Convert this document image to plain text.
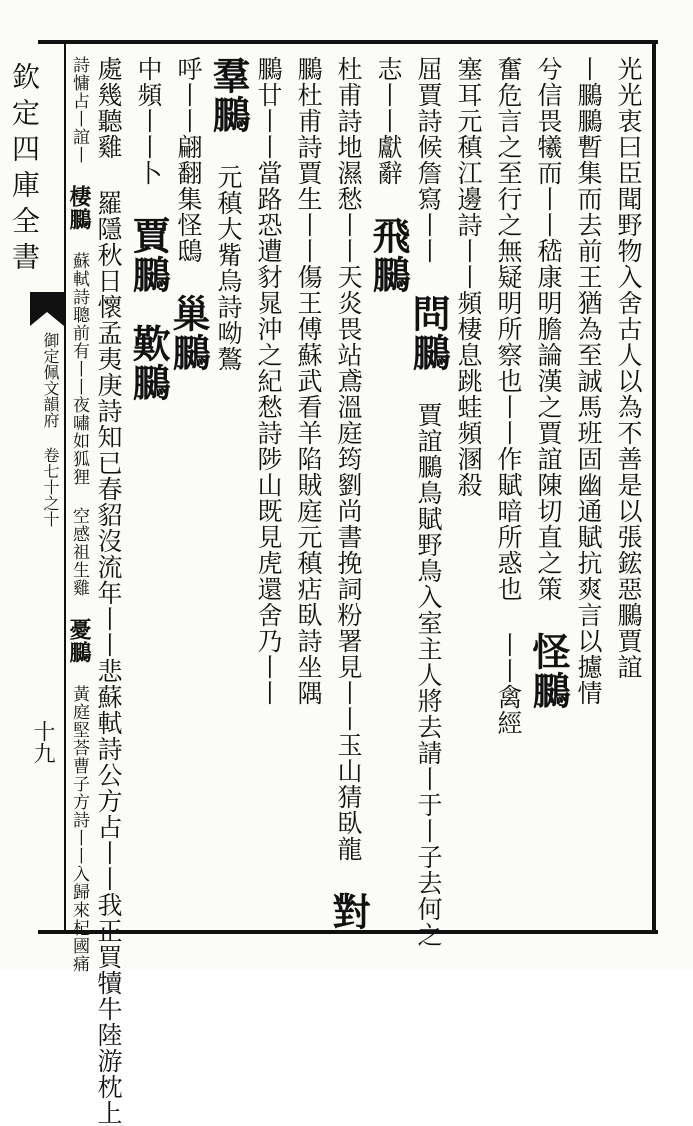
欽定四庫全書
御定佩文韻府 卷七十之十
十九
光光衷曰臣聞野物入舍古人以為不善是以張鋐惡鵩賈誼
丨鵩鵩暫集而去前王猶為至誠馬班固幽通賦抗爽言以攄情
兮信畏犧而丨丨嵇康明膽論漢之賈誼陳切直之策 怪鵩
奮危言之至行之無疑明所察也丨丨作賦暗所惑也 丨丨禽經
塞耳元稹江邊詩丨丨頻棲息跳蛙頻溷殺
屈賈詩候詹寫丨丨 問鵩 賈誼鵩鳥賦野鳥入室主人將去請丨于丨子去何之
志丨丨獻辭 飛鵩
杜甫詩地濕愁丨丨天炎畏站鳶溫庭筠劉尚書挽詞粉署見丨丨玉山猜臥龍 對
鵩杜甫詩賈生丨丨傷王傅蘇武看羊陷賊庭元稹痁臥詩坐隅
鵩廿丨丨當路恐遭豺晁沖之紀愁詩陟山既見虎還舍乃丨丨
羣鵩 元稹大觜烏詩呦鷔
呼丨丨翩翻集怪鴟 巢鵩
中頻丨丨卜 賈鵩 歎鵩
處幾聽雞 羅隱秋日懷孟夷庚詩知已春貂沒流年丨丨悲蘇軾詩公方占丨丨我正買犢牛陸游枕上
詩慵占丨誼丨 棲鵩 蘇軾詩聰前有丨丨夜嘯如狐狸 空感祖生雞 憂鵩 黃庭堅荅曹子方詩丨丨入歸來杞國痛
